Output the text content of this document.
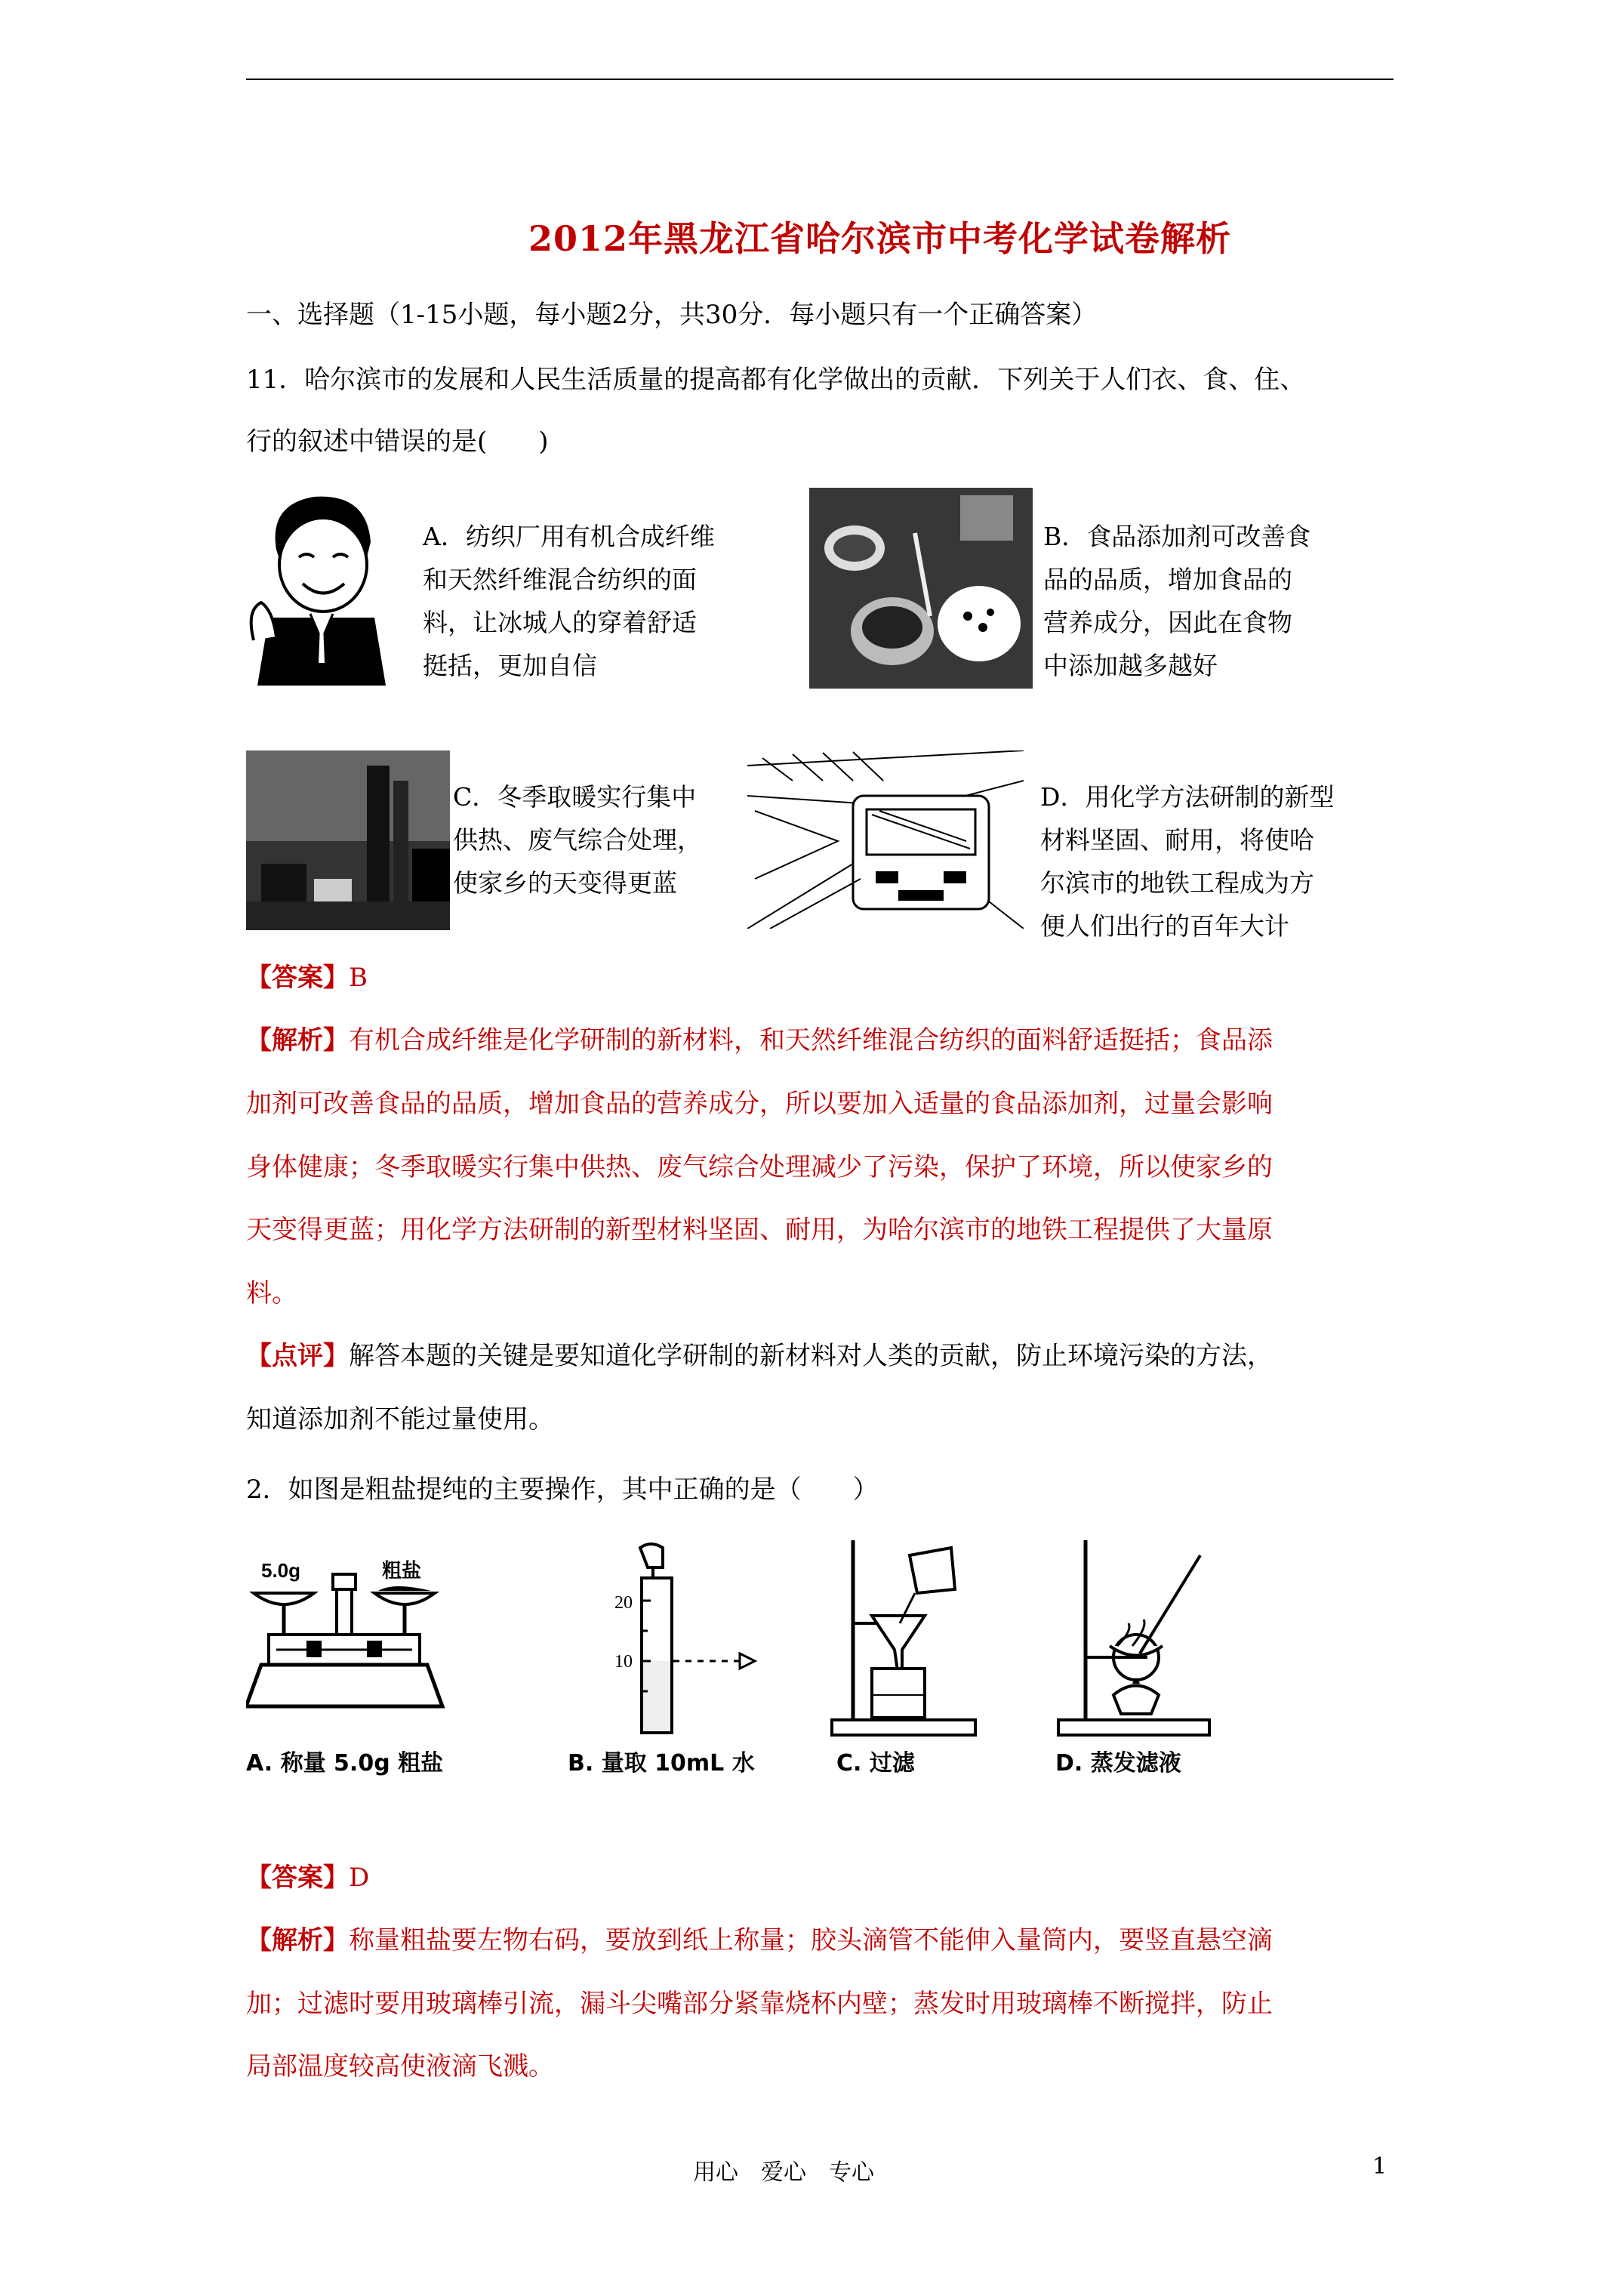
2012年黑龙江省哈尔滨市中考化学试卷解析
一、选择题（1-15小题，每小题2分，共30分．每小题只有一个正确答案）
11．哈尔滨市的发展和人民生活质量的提高都有化学做出的贡献．下列关于人们衣、食、住、
行的叙述中错误的是(　　)
A．纺织厂用有机合成纤维
和天然纤维混合纺织的面
料，让冰城人的穿着舒适
挺括，更加自信
B．食品添加剂可改善食
品的品质，增加食品的
营养成分，因此在食物
中添加越多越好
C．冬季取暖实行集中
供热、废气综合处理，
使家乡的天变得更蓝
D．用化学方法研制的新型
材料坚固、耐用，将使哈
尔滨市的地铁工程成为方
便人们出行的百年大计
【答案】B
【解析】有机合成纤维是化学研制的新材料，和天然纤维混合纺织的面料舒适挺括；食品添
加剂可改善食品的品质，增加食品的营养成分，所以要加入适量的食品添加剂，过量会影响
身体健康；冬季取暖实行集中供热、废气综合处理减少了污染，保护了环境，所以使家乡的
天变得更蓝；用化学方法研制的新型材料坚固、耐用，为哈尔滨市的地铁工程提供了大量原
料。
【点评】解答本题的关键是要知道化学研制的新材料对人类的贡献，防止环境污染的方法，
知道添加剂不能过量使用。
2．如图是粗盐提纯的主要操作，其中正确的是（　　）
5.0g	粗盐
20
10
A. 称量 5.0g 粗盐	B. 量取 10mL 水	C. 过滤	D. 蒸发滤液
【答案】D
【解析】称量粗盐要左物右码，要放到纸上称量；胶头滴管不能伸入量筒内，要竖直悬空滴
加；过滤时要用玻璃棒引流，漏斗尖嘴部分紧靠烧杯内壁；蒸发时用玻璃棒不断搅拌，防止
局部温度较高使液滴飞溅。
用心　爱心　专心	1
